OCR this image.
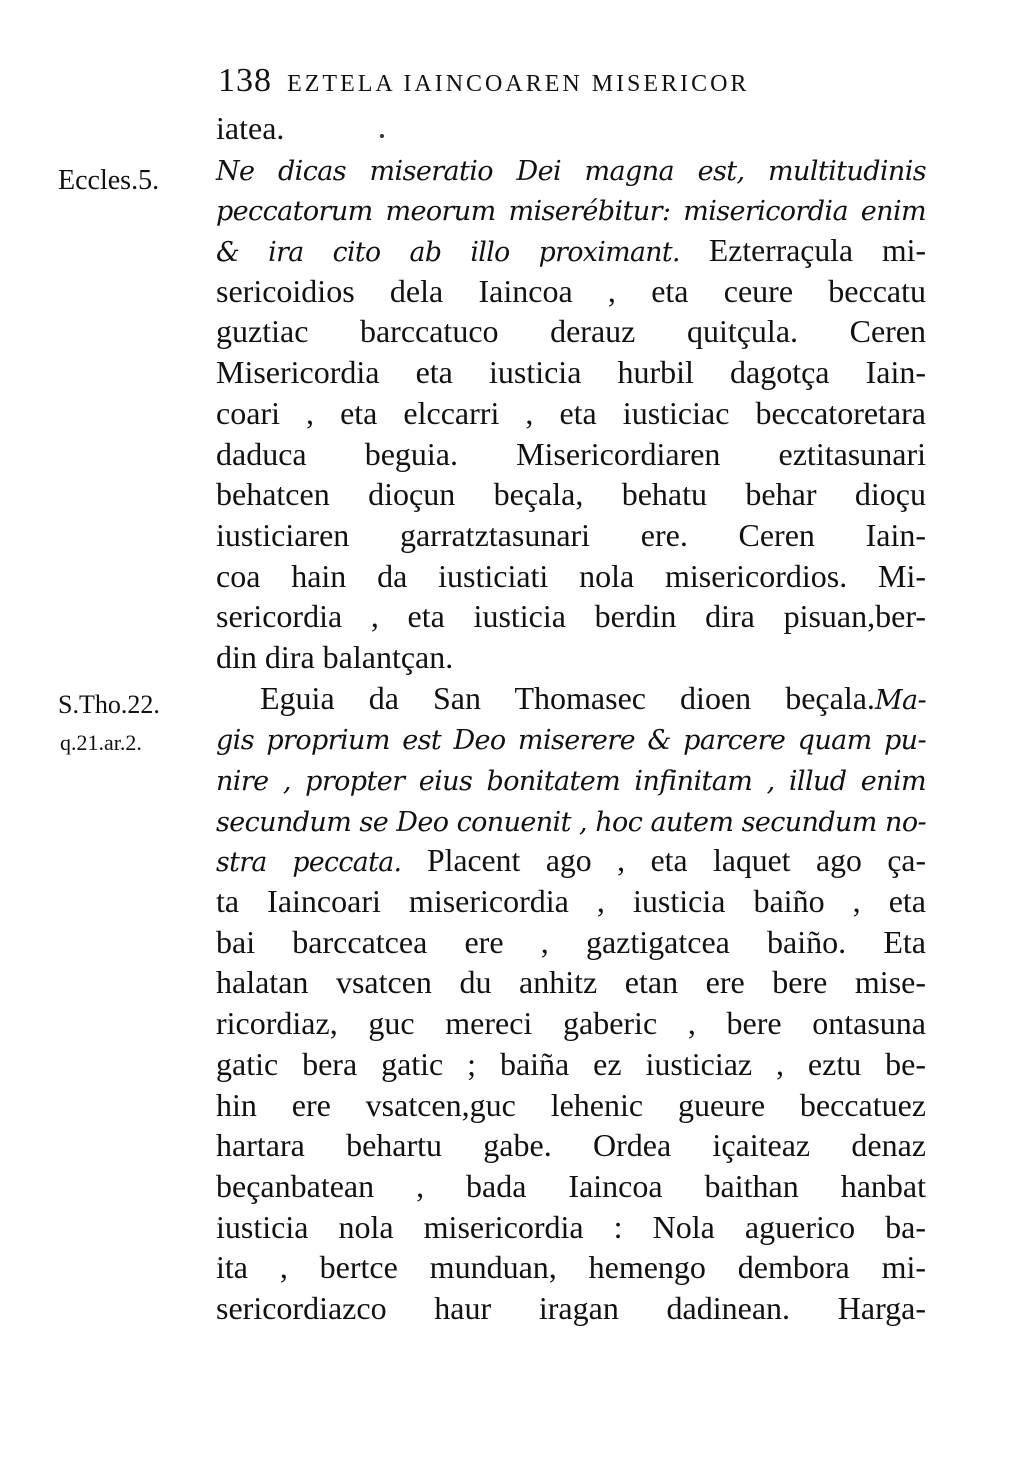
138 EZTELA IAINCOAREN MISERICOR
Eccles.5.
S.Tho.22.
q.21.ar.2.
iatea.
Ne dicas miseratio Dei magna est, multitudinis
peccatorum meorum miserébitur: misericordia enim
& ira cito ab illo proximant. Ezterraçula mi-
sericoidios dela Iaincoa , eta ceure beccatu
guztiac barccatuco derauz quitçula. Ceren
Misericordia eta iusticia hurbil dagotça Iain-
coari , eta elccarri , eta iusticiac beccatoretara
daduca beguia. Misericordiaren eztitasunari
behatcen dioçun beçala, behatu behar dioçu
iusticiaren garratztasunari ere. Ceren Iain-
coa hain da iusticiati nola misericordios. Mi-
sericordia , eta iusticia berdin dira pisuan,ber-
din dira balantçan.
Eguia da San Thomasec dioen beçala.Ma-
gis proprium est Deo miserere & parcere quam pu-
nire , propter eius bonitatem infinitam , illud enim
secundum se Deo conuenit , hoc autem secundum no-
stra peccata. Placent ago , eta laquet ago ça-
ta Iaincoari misericordia , iusticia baiño , eta
bai barccatcea ere , gaztigatcea baiño. Eta
halatan vsatcen du anhitz etan ere bere mise-
ricordiaz, guc mereci gaberic , bere ontasuna
gatic bera gatic ; baiña ez iusticiaz , eztu be-
hin ere vsatcen,guc lehenic gueure beccatuez
hartara behartu gabe. Ordea içaiteaz denaz
beçanbatean , bada Iaincoa baithan hanbat
iusticia nola misericordia : Nola aguerico ba-
ita , bertce munduan, hemengo dembora mi-
sericordiazco haur iragan dadinean. Harga-
